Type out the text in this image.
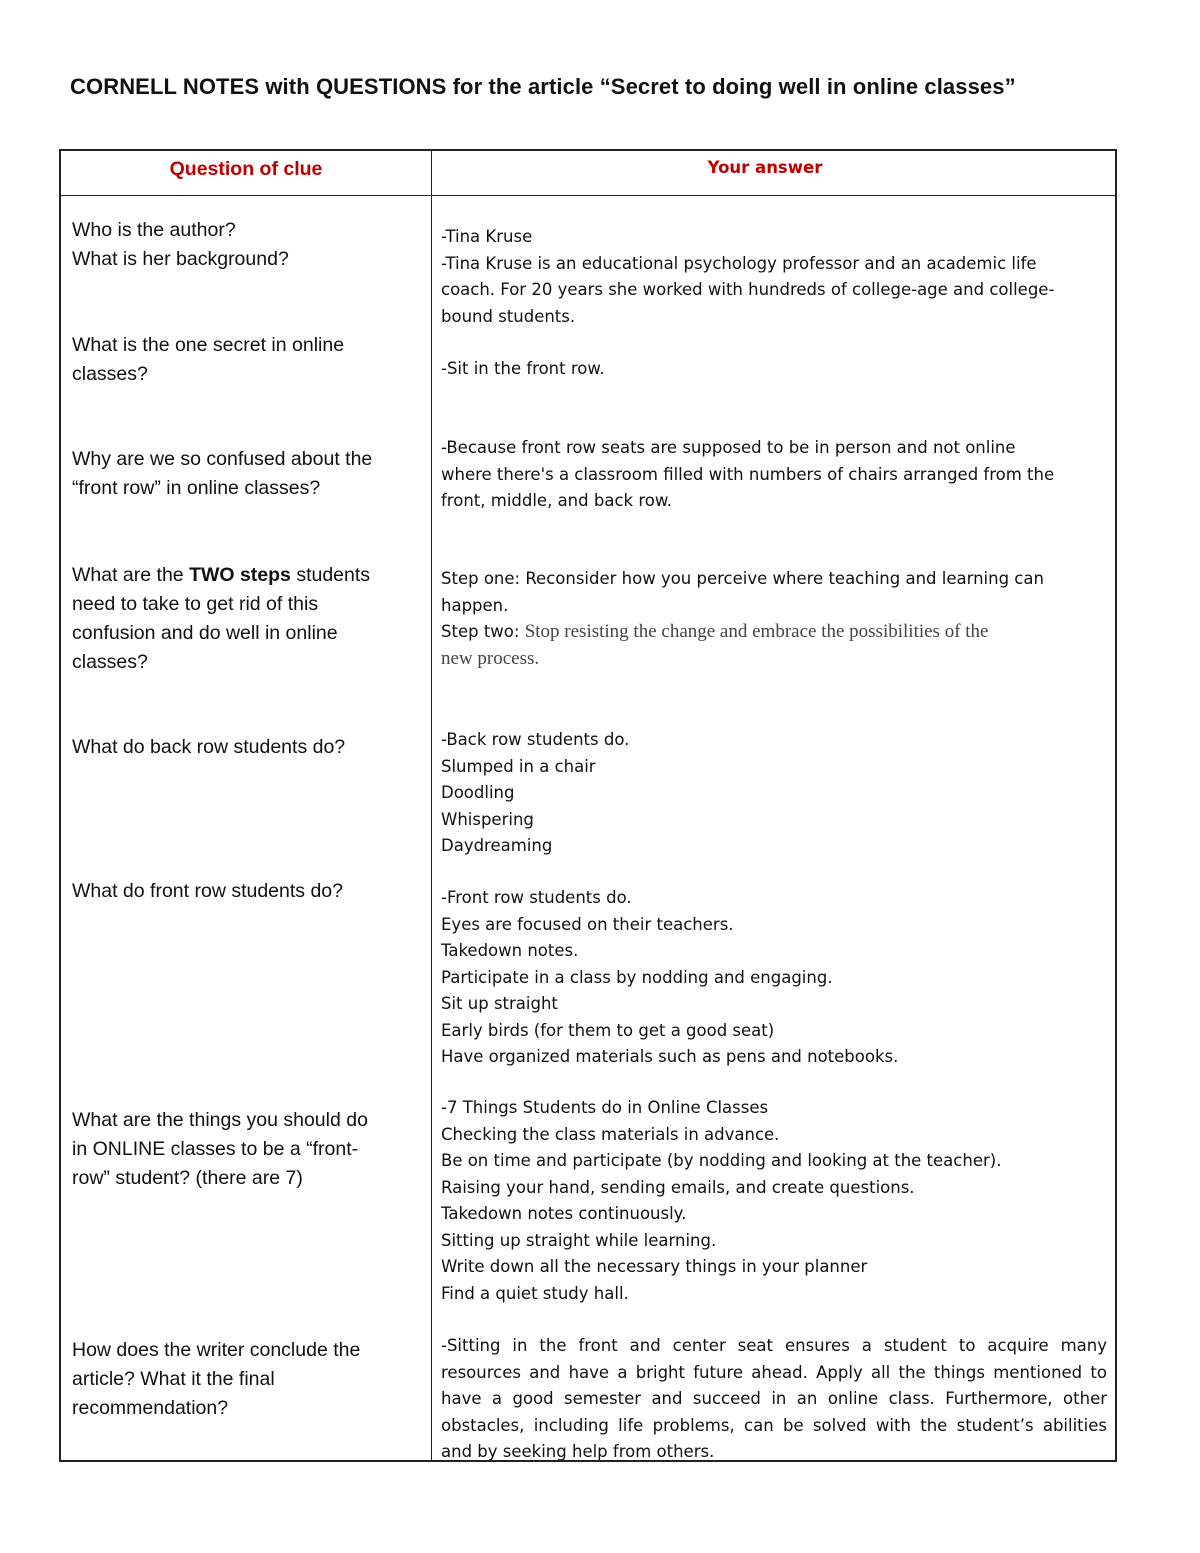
CORNELL NOTES with QUESTIONS for the article “Secret to doing well in online classes”
Question of clue	Your answer
Who is the author?
What is her background?
What is the one secret in online
classes?
Why are we so confused about the
“front row” in online classes?
What are the TWO steps students
need to take to get rid of this
confusion and do well in online
classes?
What do back row students do?
What do front row students do?
What are the things you should do
in ONLINE classes to be a “front-
row” student? (there are 7)
How does the writer conclude the
article? What it the final
recommendation?
-Tina Kruse
-Tina Kruse is an educational psychology professor and an academic life
coach. For 20 years she worked with hundreds of college-age and college-
bound students.
-Sit in the front row.
-Because front row seats are supposed to be in person and not online
where there's a classroom filled with numbers of chairs arranged from the
front, middle, and back row.
Step one: Reconsider how you perceive where teaching and learning can
happen.
Step two: Stop resisting the change and embrace the possibilities of the
new process.
-Back row students do.
Slumped in a chair
Doodling
Whispering
Daydreaming
-Front row students do.
Eyes are focused on their teachers.
Takedown notes.
Participate in a class by nodding and engaging.
Sit up straight
Early birds (for them to get a good seat)
Have organized materials such as pens and notebooks.
-7 Things Students do in Online Classes
Checking the class materials in advance.
Be on time and participate (by nodding and looking at the teacher).
Raising your hand, sending emails, and create questions.
Takedown notes continuously.
Sitting up straight while learning.
Write down all the necessary things in your planner
Find a quiet study hall.
-Sitting in the front and center seat ensures a student to acquire many
resources and have a bright future ahead. Apply all the things mentioned to
have a good semester and succeed in an online class. Furthermore, other
obstacles, including life problems, can be solved with the student’s abilities
and by seeking help from others.
